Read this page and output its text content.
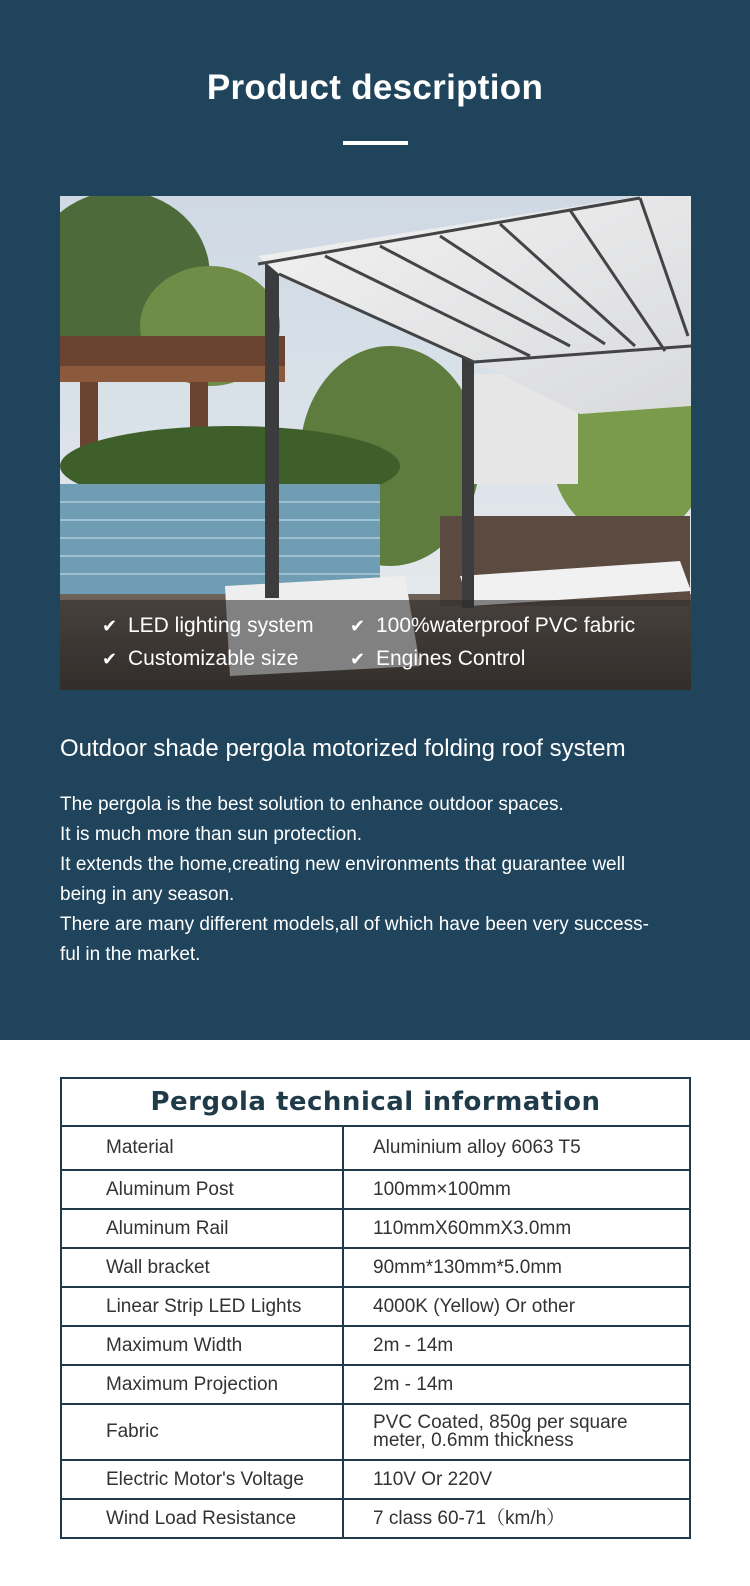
Product description
✔ LED lighting system ✔ 100%waterproof PVC fabric
✔ Customizable size	✔ Engines Control
Outdoor shade pergola motorized folding roof system
The pergola is the best solution to enhance outdoor spaces.
It is much more than sun protection.
It extends the home,creating new environments that guarantee well
being in any season.
There are many different models,all of which have been very success-
ful in the market.
Pergola technical information
Material	Aluminium alloy 6063 T5
Aluminum Post	100mm×100mm
Aluminum Rail	110mmX60mmX3.0mm
Wall bracket	90mm*130mm*5.0mm
Linear Strip LED Lights	4000K (Yellow) Or other
Maximum Width	2m - 14m
Maximum Projection	2m - 14m
Fabric	PVC Coated, 850g per square meter, 0.6mm thickness
Electric Motor's Voltage	110V Or 220V
Wind Load Resistance	7 class 60-71（km/h）
